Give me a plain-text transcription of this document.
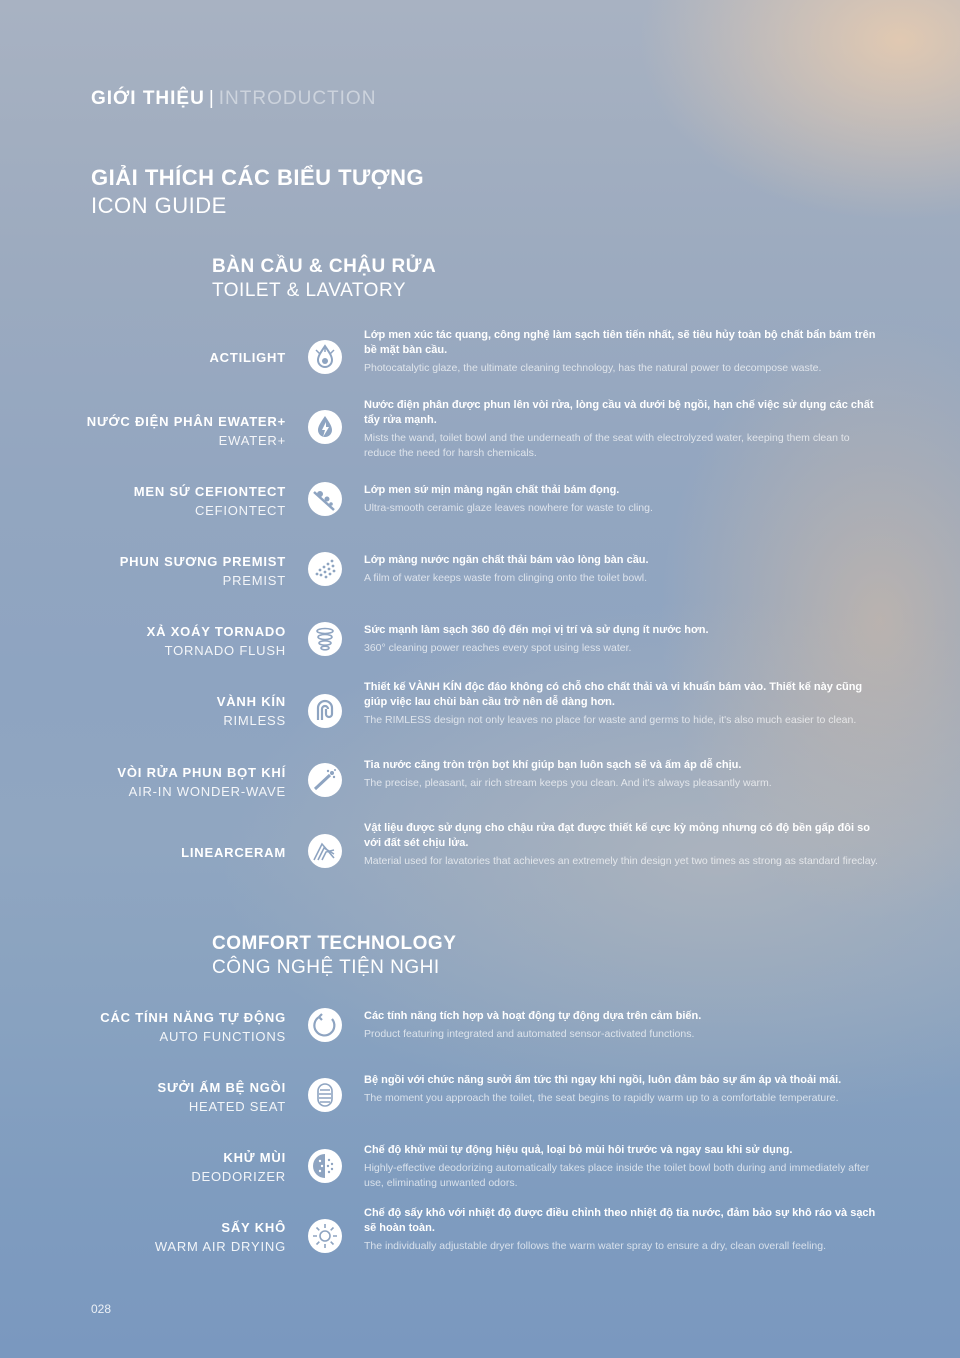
GIỚI THIỆU | INTRODUCTION
GIẢI THÍCH CÁC BIỂU TƯỢNG
ICON GUIDE
BÀN CẦU & CHẬU RỬA
TOILET & LAVATORY
ACTILIGHT
Lớp men xúc tác quang, công nghệ làm sạch tiên tiến nhất, sẽ tiêu hủy toàn bộ chất bẩn bám trên bề mặt bàn cầu.
Photocatalytic glaze, the ultimate cleaning technology, has the natural power to decompose waste.
NƯỚC ĐIỆN PHÂN EWATER+
EWATER+
Nước điện phân được phun lên vòi rửa, lòng cầu và dưới bệ ngồi, hạn chế việc sử dụng các chất tẩy rửa mạnh.
Mists the wand, toilet bowl and the underneath of the seat with electrolyzed water, keeping them clean to reduce the need for harsh chemicals.
MEN SỨ CEFIONTECT
CEFIONTECT
Lớp men sứ mịn màng ngăn chất thải bám đọng.
Ultra-smooth ceramic glaze leaves nowhere for waste to cling.
PHUN SƯƠNG PREMIST
PREMIST
Lớp màng nước ngăn chất thải bám vào lòng bàn cầu.
A film of water keeps waste from clinging onto the toilet bowl.
XẢ XOÁY TORNADO
TORNADO FLUSH
Sức mạnh làm sạch 360 độ đến mọi vị trí và sử dụng ít nước hơn.
360° cleaning power reaches every spot using less water.
VÀNH KÍN
RIMLESS
Thiết kế VÀNH KÍN độc đáo không có chỗ cho chất thải và vi khuẩn bám vào. Thiết kế này cũng giúp việc lau chùi bàn cầu trở nên dễ dàng hơn.
The RIMLESS design not only leaves no place for waste and germs to hide, it's also much easier to clean.
VÒI RỬA PHUN BỌT KHÍ
AIR-IN WONDER-WAVE
Tia nước căng tròn trộn bọt khí giúp bạn luôn sạch sẽ và ấm áp dễ chịu.
The precise, pleasant, air rich stream keeps you clean. And it's always pleasantly warm.
LINEARCERAM
Vật liệu được sử dụng cho chậu rửa đạt được thiết kế cực kỳ mỏng nhưng có độ bền gấp đôi so với đất sét chịu lửa.
Material used for lavatories that achieves an extremely thin design yet two times as strong as standard fireclay.
COMFORT TECHNOLOGY
CÔNG NGHỆ TIỆN NGHI
CÁC TÍNH NĂNG TỰ ĐỘNG
AUTO FUNCTIONS
Các tính năng tích hợp và hoạt động tự động dựa trên cảm biến.
Product featuring integrated and automated sensor-activated functions.
SƯỞI ẤM BỆ NGỒI
HEATED SEAT
Bệ ngồi với chức năng sưởi ấm tức thì ngay khi ngồi, luôn đảm bảo sự ấm áp và thoải mái.
The moment you approach the toilet, the seat begins to rapidly warm up to a comfortable temperature.
KHỬ MÙI
DEODORIZER
Chế độ khử mùi tự động hiệu quả, loại bỏ mùi hôi trước và ngay sau khi sử dụng.
Highly-effective deodorizing automatically takes place inside the toilet bowl both during and immediately after use, eliminating unwanted odors.
SẤY KHÔ
WARM AIR DRYING
Chế độ sấy khô với nhiệt độ được điều chỉnh theo nhiệt độ tia nước, đảm bảo sự khô ráo và sạch sẽ hoàn toàn.
The individually adjustable dryer follows the warm water spray to ensure a dry, clean overall feeling.
028
